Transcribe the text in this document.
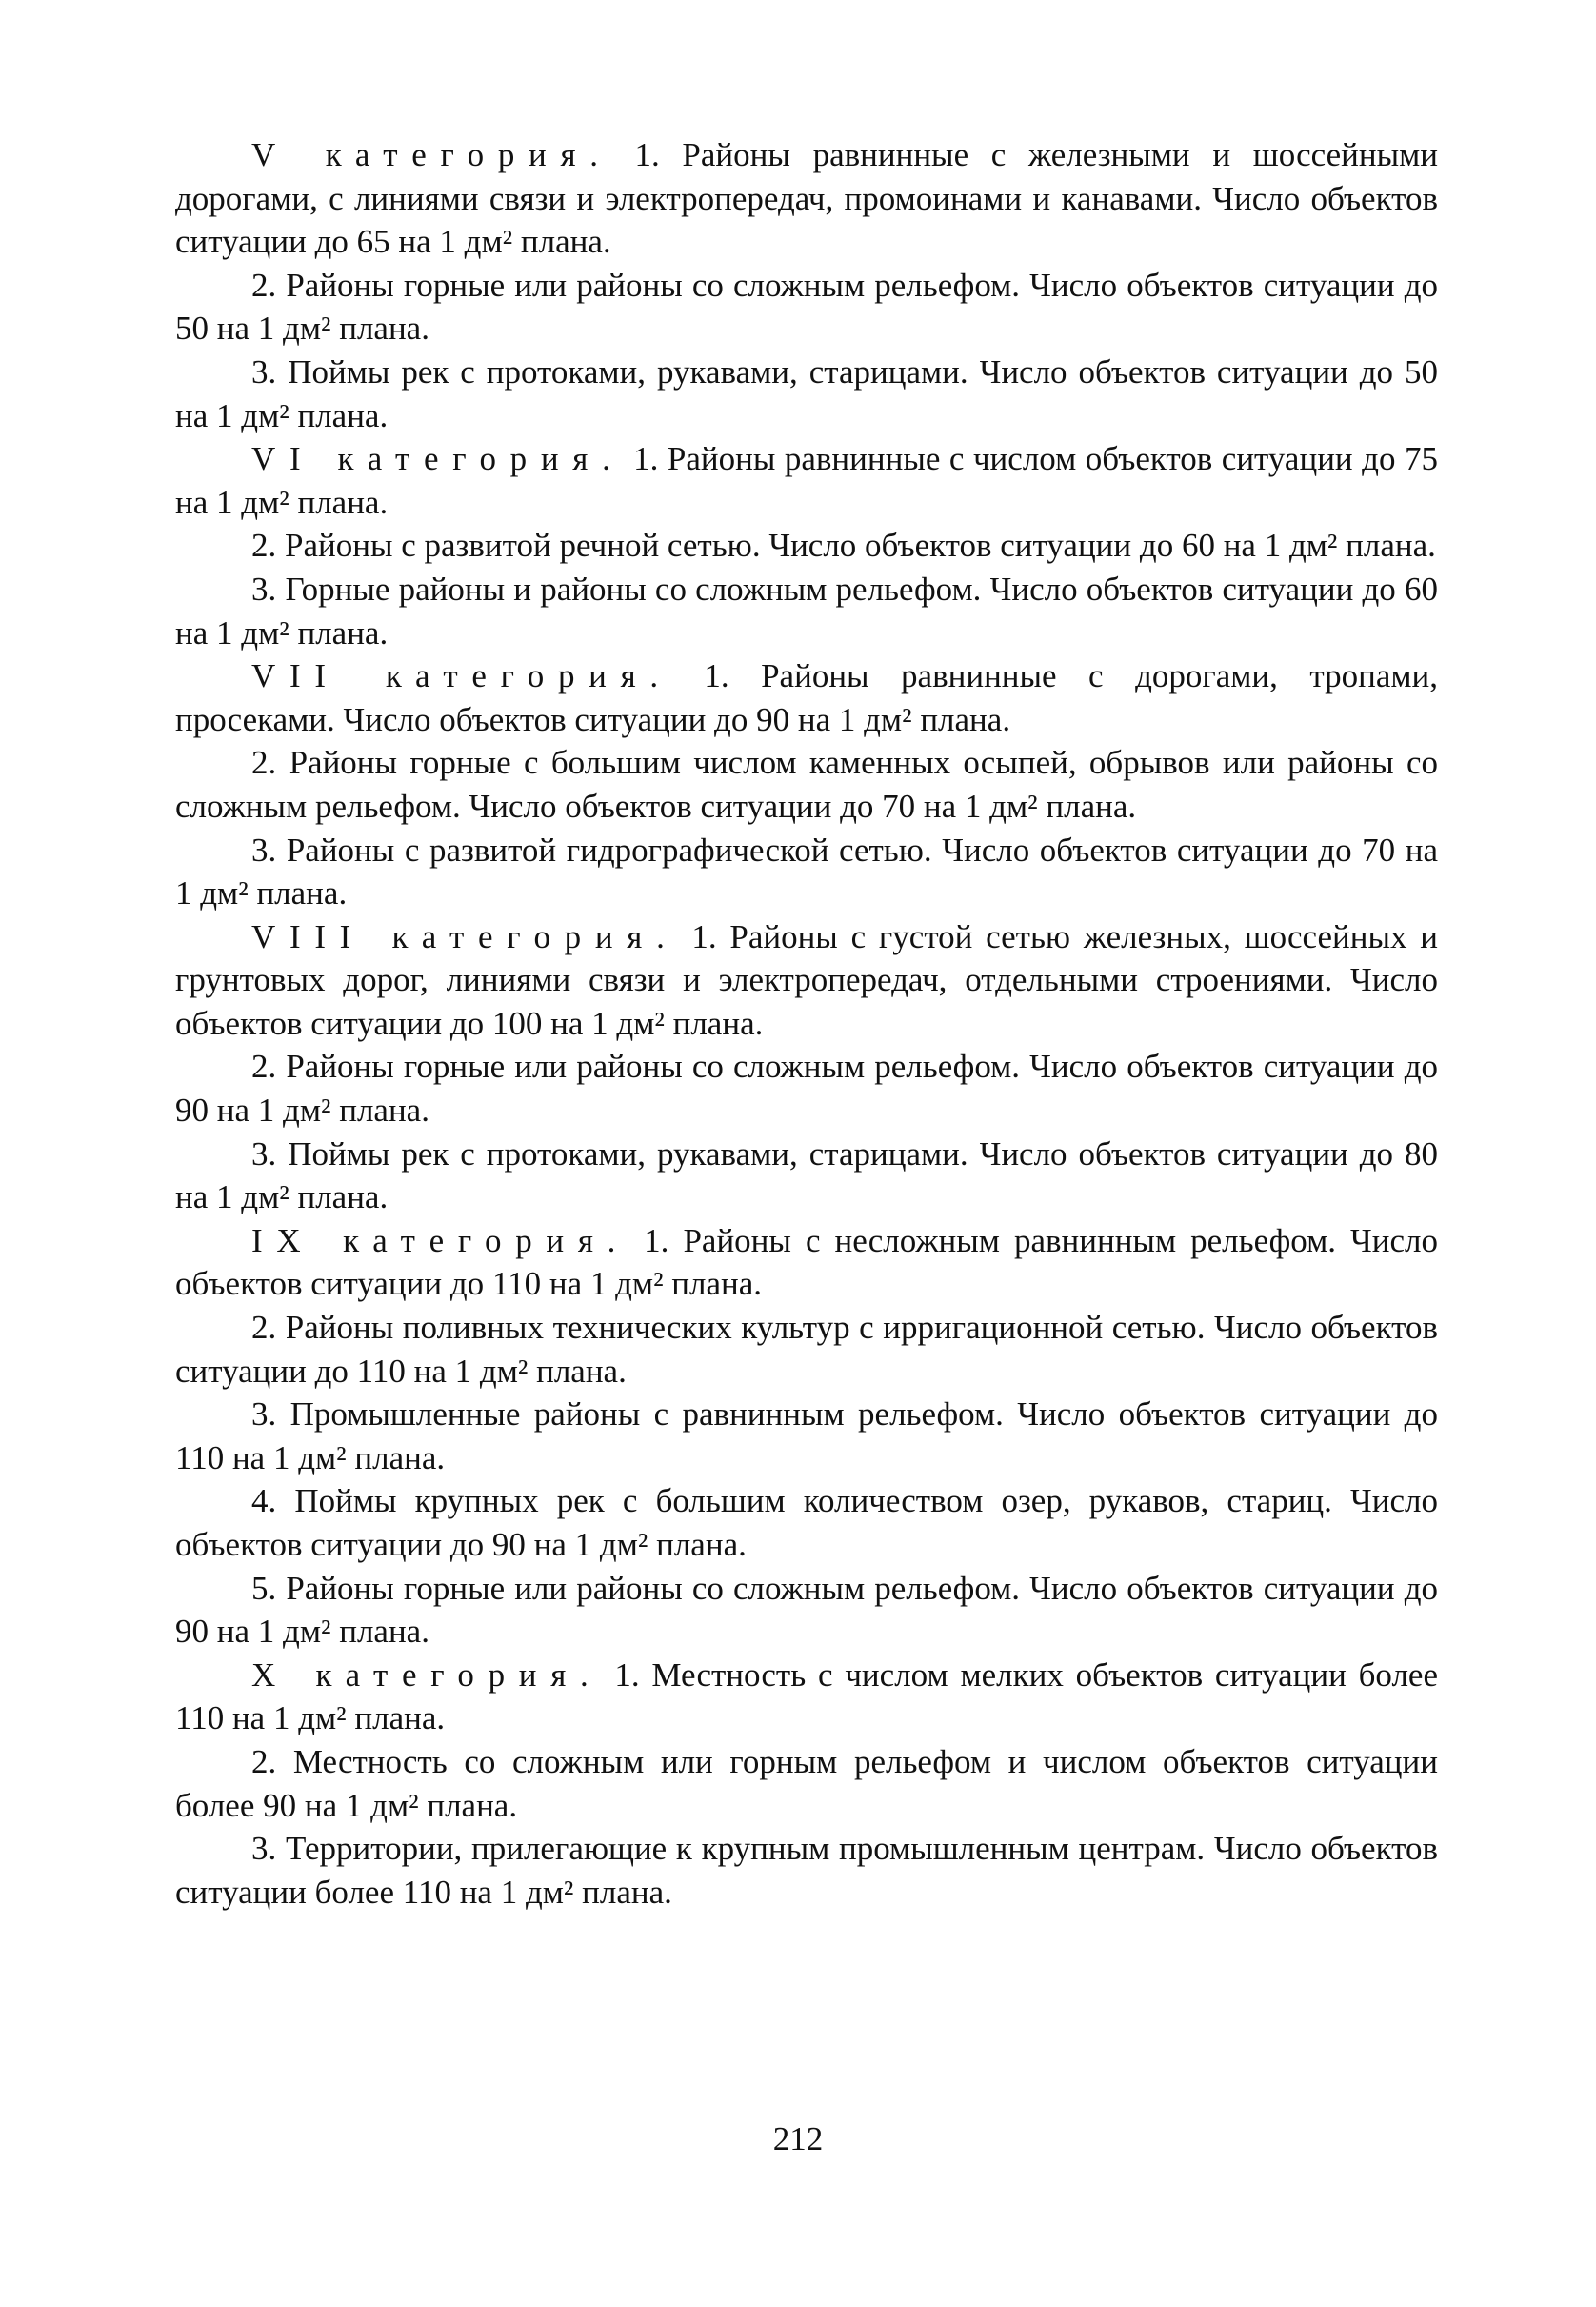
V категория. 1. Районы равнинные с железными и шоссейными дорогами, с линиями связи и электропередач, промоинами и канавами. Число объектов ситуации до 65 на 1 дм² плана.

2. Районы горные или районы со сложным рельефом. Число объектов ситуации до 50 на 1 дм² плана.

3. Поймы рек с протоками, рукавами, старицами. Число объектов ситуации до 50 на 1 дм² плана.

VI категория. 1. Районы равнинные с числом объектов ситуации до 75 на 1 дм² плана.

2. Районы с развитой речной сетью. Число объектов ситуации до 60 на 1 дм² плана.

3. Горные районы и районы со сложным рельефом. Число объектов ситуации до 60 на 1 дм² плана.

VII категория. 1. Районы равнинные с дорогами, тропами, просеками. Число объектов ситуации до 90 на 1 дм² плана.

2. Районы горные с большим числом каменных осыпей, обрывов или районы со сложным рельефом. Число объектов ситуации до 70 на 1 дм² плана.

3. Районы с развитой гидрографической сетью. Число объектов ситуации до 70 на 1 дм² плана.

VIII категория. 1. Районы с густой сетью железных, шоссейных и грунтовых дорог, линиями связи и электропередач, отдельными строениями. Число объектов ситуации до 100 на 1 дм² плана.

2. Районы горные или районы со сложным рельефом. Число объектов ситуации до 90 на 1 дм² плана.

3. Поймы рек с протоками, рукавами, старицами. Число объектов ситуации до 80 на 1 дм² плана.

IX категория. 1. Районы с несложным равнинным рельефом. Число объектов ситуации до 110 на 1 дм² плана.

2. Районы поливных технических культур с ирригационной сетью. Число объектов ситуации до 110 на 1 дм² плана.

3. Промышленные районы с равнинным рельефом. Число объектов ситуации до 110 на 1 дм² плана.

4. Поймы крупных рек с большим количеством озер, рукавов, стариц. Число объектов ситуации до 90 на 1 дм² плана.

5. Районы горные или районы со сложным рельефом. Число объектов ситуации до 90 на 1 дм² плана.

X категория. 1. Местность с числом мелких объектов ситуации более 110 на 1 дм² плана.

2. Местность со сложным или горным рельефом и числом объектов ситуации более 90 на 1 дм² плана.

3. Территории, прилегающие к крупным промышленным центрам. Число объектов ситуации более 110 на 1 дм² плана.

212
